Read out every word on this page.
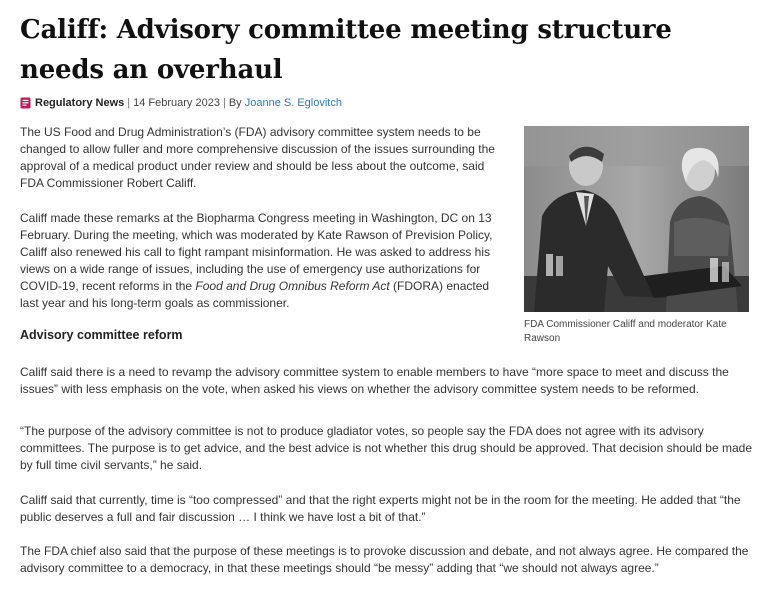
Califf: Advisory committee meeting structure needs an overhaul
Regulatory News | 14 February 2023 | By
Joanne S. Eglovitch

The US Food and Drug Administration’s (FDA) advisory committee system needs to be changed to allow fuller and more comprehensive discussion of the issues surrounding the approval of a medical product under review and should be less about the outcome, said FDA Commissioner Robert Califf.

Califf made these remarks at the Biopharma Congress meeting in Washington, DC on 13 February. During the meeting, which was moderated by Kate Rawson of Prevision Policy, Califf also renewed his call to fight rampant misinformation. He was asked to address his views on a wide range of issues, including the use of emergency use authorizations for COVID-19, recent reforms in the Food and Drug Omnibus Reform Act (FDORA) enacted last year and his long-term goals as commissioner.

Advisory committee reform

Califf said there is a need to revamp the advisory committee system to enable members to have “more space to meet and discuss the issues” with less emphasis on the vote, when asked his views on whether the advisory committee system needs to be reformed.

“The purpose of the advisory committee is not to produce gladiator votes, so people say the FDA does not agree with its advisory committees. The purpose is to get advice, and the best advice is not whether this drug should be approved. That decision should be made by full time civil servants,” he said.

Califf said that currently, time is “too compressed” and that the right experts might not be in the room for the meeting. He added that “the public deserves a full and fair discussion … I think we have lost a bit of that.”

The FDA chief also said that the purpose of these meetings is to provoke discussion and debate, and not always agree. He compared the advisory committee to a democracy, in that these meetings should “be messy” adding that “we should not always agree.”

FDA Commissioner Califf and moderator Kate Rawson
